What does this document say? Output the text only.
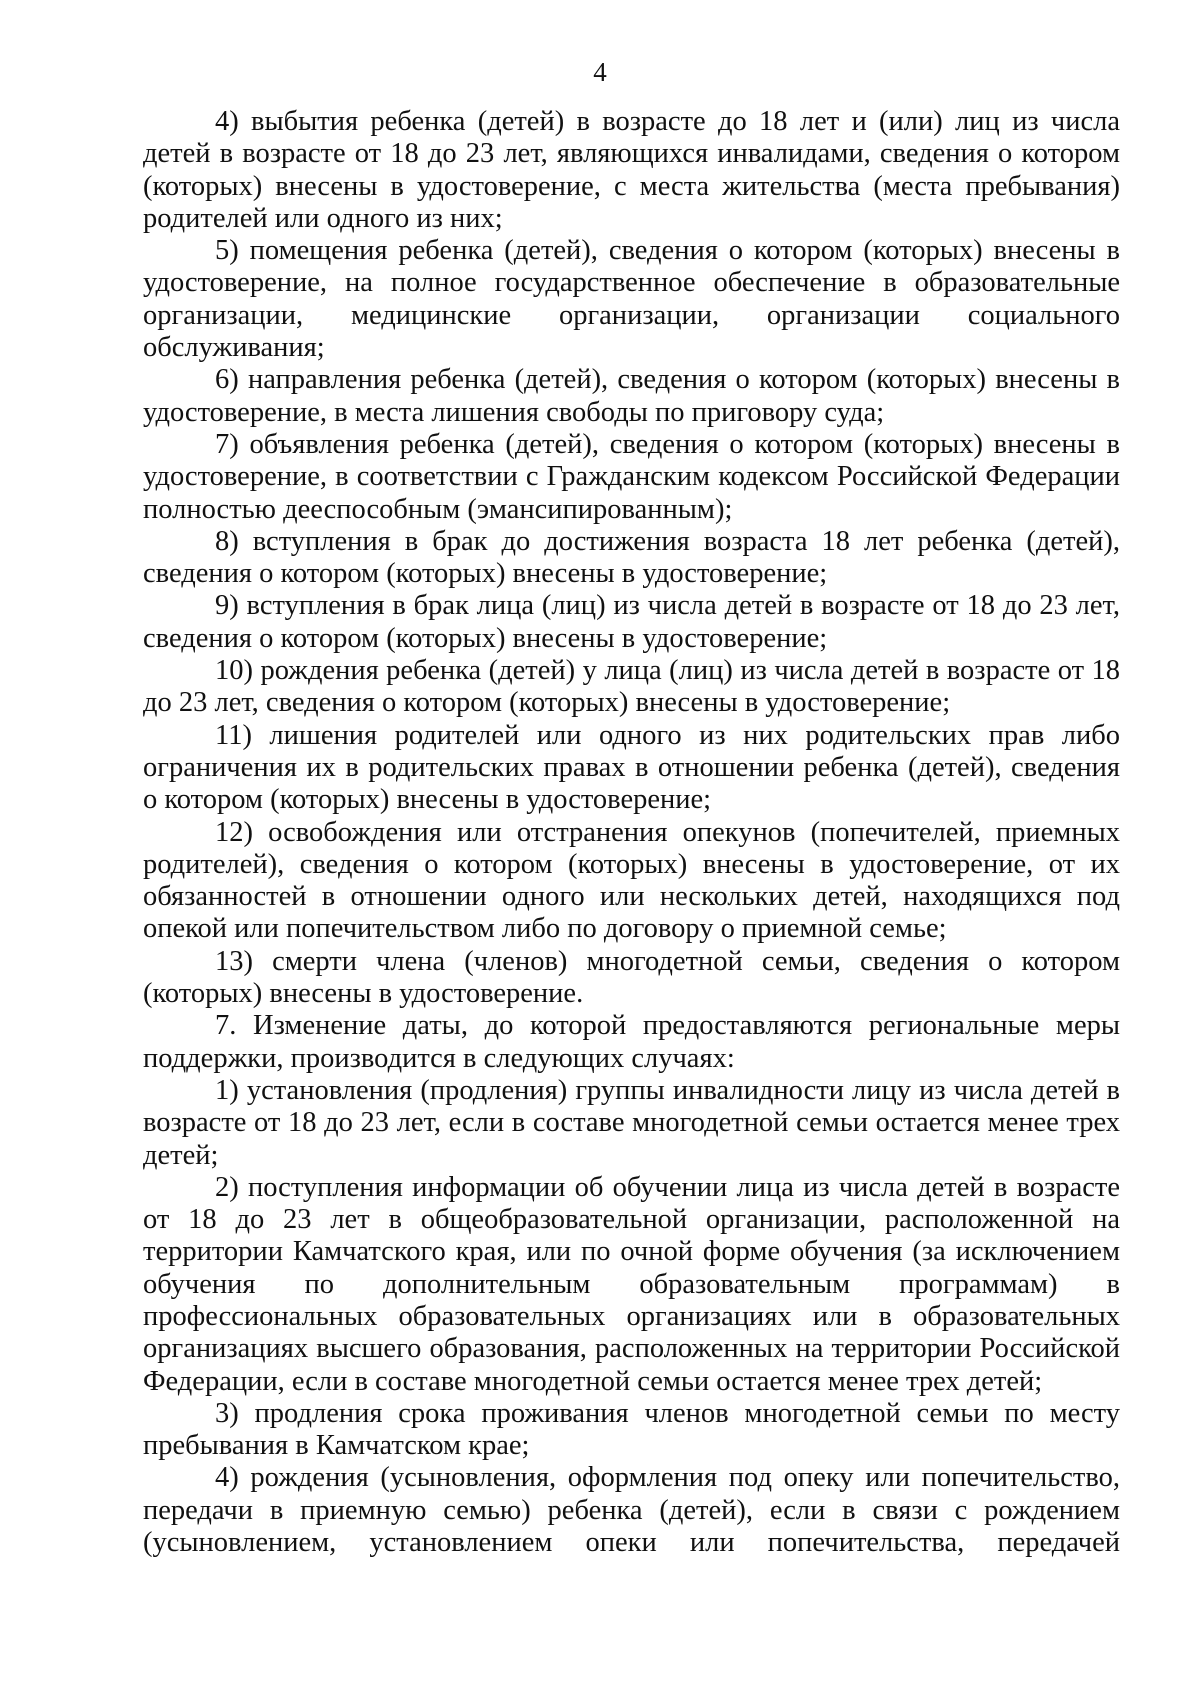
4

4) выбытия ребенка (детей) в возрасте до 18 лет и (или) лиц из числа детей в возрасте от 18 до 23 лет, являющихся инвалидами, сведения о котором (которых) внесены в удостоверение, с места жительства (места пребывания) родителей или одного из них;

5) помещения ребенка (детей), сведения о котором (которых) внесены в удостоверение, на полное государственное обеспечение в образовательные организации, медицинские организации, организации социального обслуживания;

6) направления ребенка (детей), сведения о котором (которых) внесены в удостоверение, в места лишения свободы по приговору суда;

7) объявления ребенка (детей), сведения о котором (которых) внесены в удостоверение, в соответствии с Гражданским кодексом Российской Федерации полностью дееспособным (эмансипированным);

8) вступления в брак до достижения возраста 18 лет ребенка (детей), сведения о котором (которых) внесены в удостоверение;

9) вступления в брак лица (лиц) из числа детей в возрасте от 18 до 23 лет, сведения о котором (которых) внесены в удостоверение;

10) рождения ребенка (детей) у лица (лиц) из числа детей в возрасте от 18 до 23 лет, сведения о котором (которых) внесены в удостоверение;

11) лишения родителей или одного из них родительских прав либо ограничения их в родительских правах в отношении ребенка (детей), сведения о котором (которых) внесены в удостоверение;

12) освобождения или отстранения опекунов (попечителей, приемных родителей), сведения о котором (которых) внесены в удостоверение, от их обязанностей в отношении одного или нескольких детей, находящихся под опекой или попечительством либо по договору о приемной семье;

13) смерти члена (членов) многодетной семьи, сведения о котором (которых) внесены в удостоверение.

7. Изменение даты, до которой предоставляются региональные меры поддержки, производится в следующих случаях:

1) установления (продления) группы инвалидности лицу из числа детей в возрасте от 18 до 23 лет, если в составе многодетной семьи остается менее трех детей;

2) поступления информации об обучении лица из числа детей в возрасте от 18 до 23 лет в общеобразовательной организации, расположенной на территории Камчатского края, или по очной форме обучения (за исключением обучения по дополнительным образовательным программам) в профессиональных образовательных организациях или в образовательных организациях высшего образования, расположенных на территории Российской Федерации, если в составе многодетной семьи остается менее трех детей;

3) продления срока проживания членов многодетной семьи по месту пребывания в Камчатском крае;

4) рождения (усыновления, оформления под опеку или попечительство, передачи в приемную семью) ребенка (детей), если в связи с рождением (усыновлением, установлением опеки или попечительства, передачей
